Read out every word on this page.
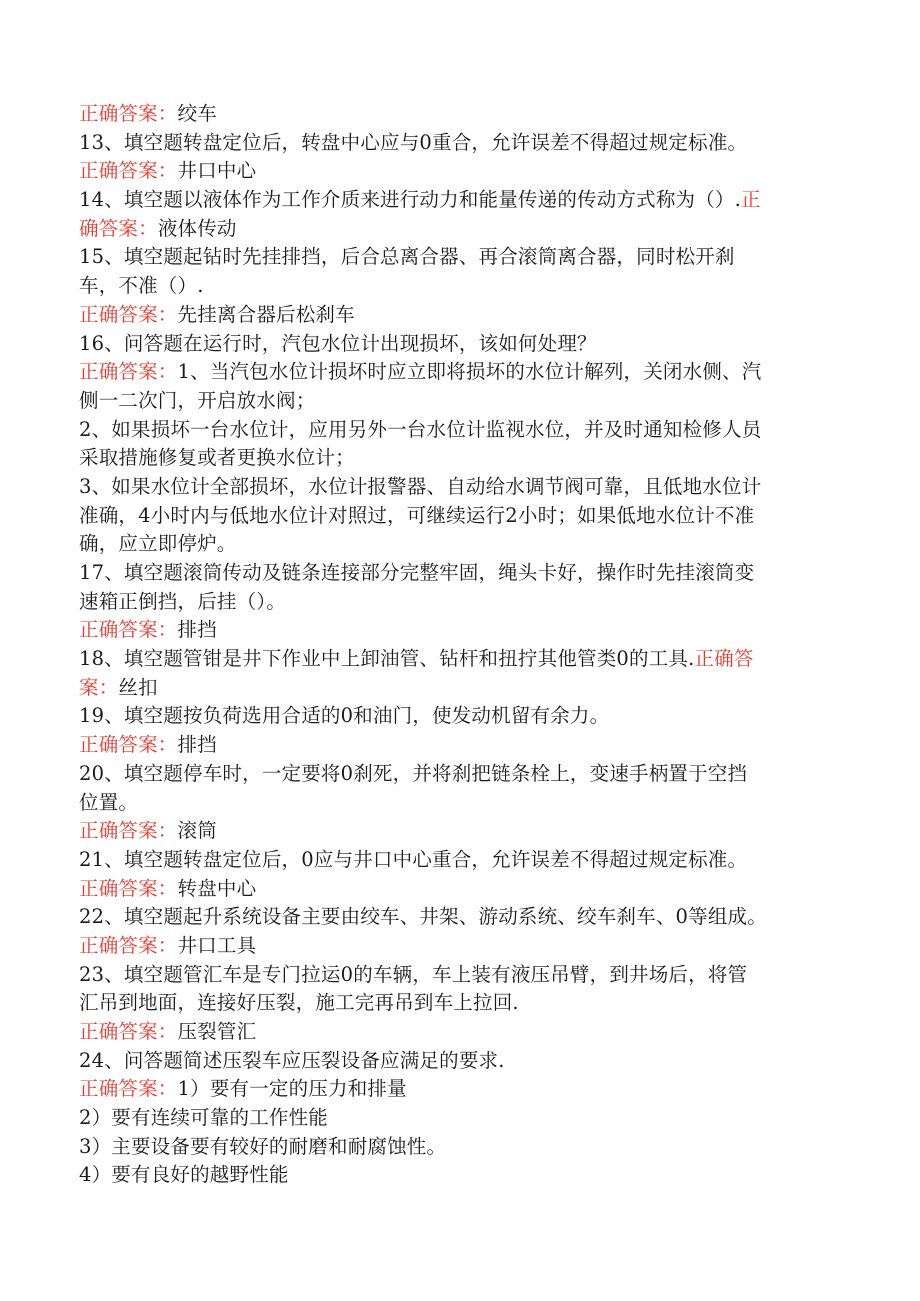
正确答案：绞车
13、填空题转盘定位后，转盘中心应与0重合，允许误差不得超过规定标准。
正确答案：井口中心
14、填空题以液体作为工作介质来进行动力和能量传递的传动方式称为（）.正
确答案：液体传动
15、填空题起钻时先挂排挡，后合总离合器、再合滚筒离合器，同时松开刹
车，不准（）.
正确答案：先挂离合器后松刹车
16、问答题在运行时，汽包水位计出现损坏，该如何处理？
正确答案：1、当汽包水位计损坏时应立即将损坏的水位计解列，关闭水侧、汽
侧一二次门，开启放水阀；
2、如果损坏一台水位计，应用另外一台水位计监视水位，并及时通知检修人员
采取措施修复或者更换水位计；
3、如果水位计全部损坏，水位计报警器、自动给水调节阀可靠，且低地水位计
准确，4小时内与低地水位计对照过，可继续运行2小时；如果低地水位计不准
确，应立即停炉。
17、填空题滚筒传动及链条连接部分完整牢固，绳头卡好，操作时先挂滚筒变
速箱正倒挡，后挂（）。
正确答案：排挡
18、填空题管钳是井下作业中上卸油管、钻杆和扭拧其他管类0的工具.正确答
案：丝扣
19、填空题按负荷选用合适的0和油门，使发动机留有余力。
正确答案：排挡
20、填空题停车时，一定要将0刹死，并将刹把链条栓上，变速手柄置于空挡
位置。
正确答案：滚筒
21、填空题转盘定位后，0应与井口中心重合，允许误差不得超过规定标准。
正确答案：转盘中心
22、填空题起升系统设备主要由绞车、井架、游动系统、绞车刹车、0等组成。
正确答案：井口工具
23、填空题管汇车是专门拉运0的车辆，车上装有液压吊臂，到井场后，将管
汇吊到地面，连接好压裂，施工完再吊到车上拉回.
正确答案：压裂管汇
24、问答题简述压裂车应压裂设备应满足的要求.
正确答案：1）要有一定的压力和排量
2）要有连续可靠的工作性能
3）主要设备要有较好的耐磨和耐腐蚀性。
4）要有良好的越野性能
